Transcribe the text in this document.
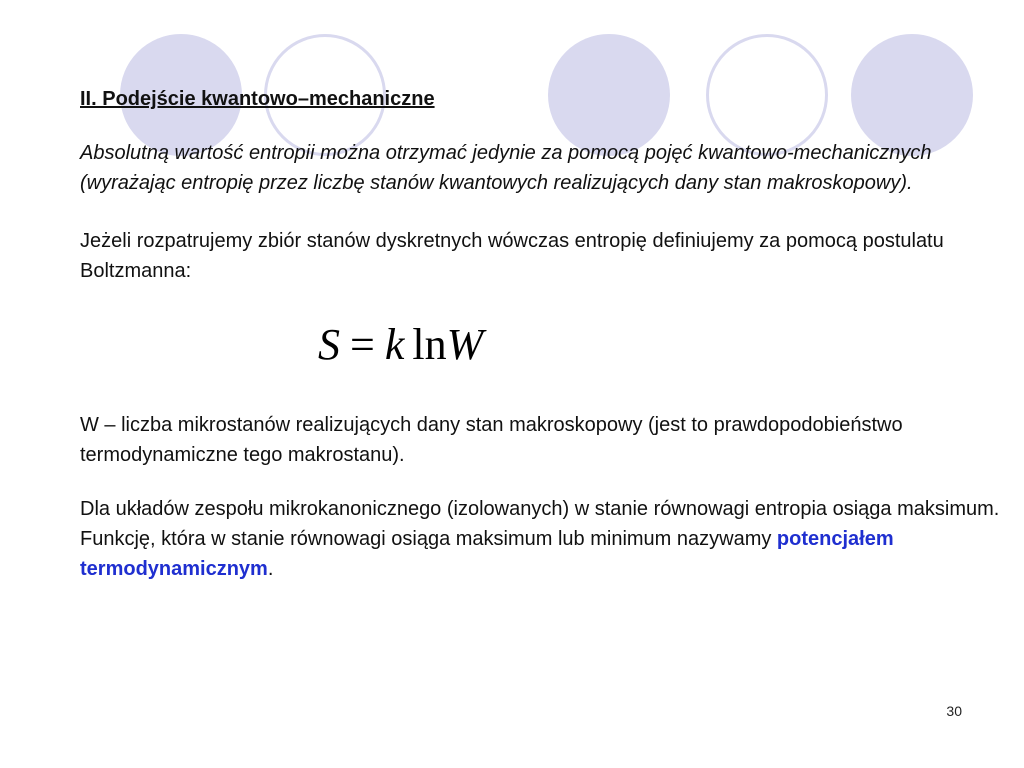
II. Podejście kwantowo–mechaniczne

Absolutną wartość entropii można otrzymać jedynie za pomocą pojęć kwantowo-mechanicznych (wyrażając entropię przez liczbę stanów kwantowych realizujących dany stan makroskopowy).

Jeżeli rozpatrujemy zbiór stanów dyskretnych wówczas entropię definiujemy za pomocą postulatu Boltzmanna:

S = k lnW

W – liczba mikrostanów realizujących dany stan makroskopowy (jest to prawdopodobieństwo termodynamiczne tego makrostanu).

Dla układów zespołu mikrokanonicznego (izolowanych) w stanie równowagi entropia osiąga maksimum. Funkcję, która w stanie równowagi osiąga maksimum lub minimum nazywamy potencjałem termodynamicznym.

30
